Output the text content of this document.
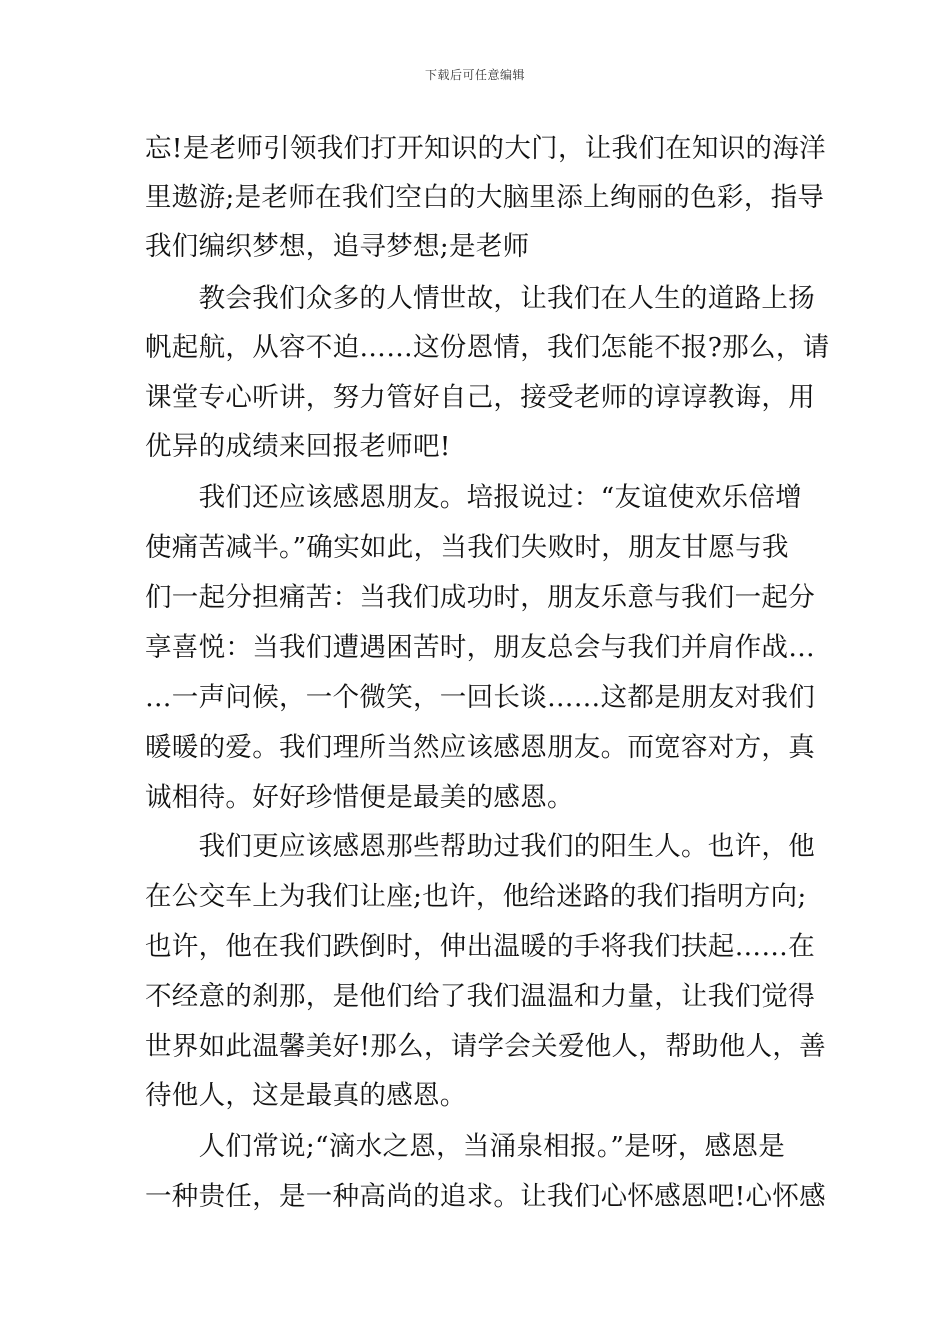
下载后可任意编辑
忘!是老师引领我们打开知识的大门，让我们在知识的海洋
里遨游;是老师在我们空白的大脑里添上绚丽的色彩，指导
我们编织梦想，追寻梦想;是老师
　　教会我们众多的人情世故，让我们在人生的道路上扬
帆起航，从容不迫……这份恩情，我们怎能不报?那么，请
课堂专心听讲，努力管好自己，接受老师的谆谆教诲，用
优异的成绩来回报老师吧!
　　我们还应该感恩朋友。培报说过：“友谊使欢乐倍增
使痛苦减半。”确实如此，当我们失败时，朋友甘愿与我
们一起分担痛苦：当我们成功时，朋友乐意与我们一起分
享喜悦：当我们遭遇困苦时，朋友总会与我们并肩作战…
…一声问候，一个微笑，一回长谈……这都是朋友对我们
暖暖的爱。我们理所当然应该感恩朋友。而宽容对方，真
诚相待。好好珍惜便是最美的感恩。
　　我们更应该感恩那些帮助过我们的阳生人。也许，他
在公交车上为我们让座;也许，他给迷路的我们指明方向;
也许，他在我们跌倒时，伸出温暖的手将我们扶起……在
不经意的刹那，是他们给了我们温温和力量，让我们觉得
世界如此温馨美好!那么，请学会关爱他人，帮助他人，善
待他人，这是最真的感恩。
　　人们常说;“滴水之恩，当涌泉相报。”是呀，感恩是
一种贵任，是一种高尚的追求。让我们心怀感恩吧!心怀感
